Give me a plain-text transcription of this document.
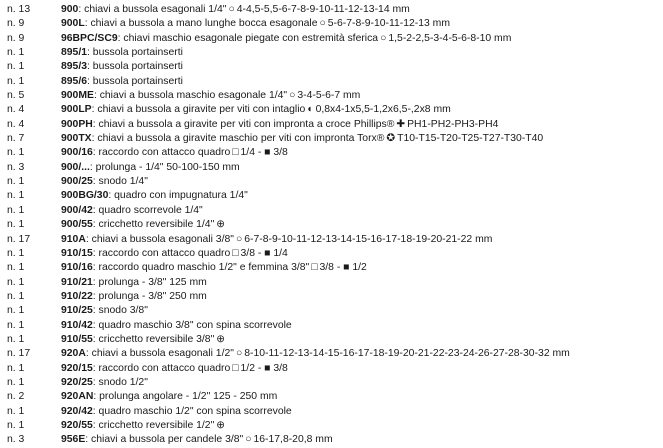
n. 13	900: chiavi a bussola esagonali 1/4" ○ 4-4,5-5,5-6-7-8-9-10-11-12-13-14 mm
n. 9	900L: chiavi a bussola a mano lunghe bocca esagonale ○ 5-6-7-8-9-10-11-12-13 mm
n. 9	96BPC/SC9: chiavi maschio esagonale piegate con estremità sferica ○ 1,5-2-2,5-3-4-5-6-8-10 mm
n. 1	895/1: bussola portainserti
n. 1	895/3: bussola portainserti
n. 1	895/6: bussola portainserti
n. 5	900ME: chiavi a bussola maschio esagonale 1/4" ○ 3-4-5-6-7 mm
n. 4	900LP: chiavi a bussola a giravite per viti con intaglio ◐ 0,8x4-1x5,5-1,2x6,5-,2x8 mm
n. 4	900PH: chiavi a bussola a giravite per viti con impronta a croce Phillips® ✚ PH1-PH2-PH3-PH4
n. 7	900TX: chiavi a bussola a giravite maschio per viti con impronta Torx® ✪ T10-T15-T20-T25-T27-T30-T40
n. 1	900/16: raccordo con attacco quadro □ 1/4 - ■ 3/8
n. 3	900/...: prolunga - 1/4" 50-100-150 mm
n. 1	900/25: snodo 1/4"
n. 1	900BG/30: quadro con impugnatura 1/4"
n. 1	900/42: quadro scorrevole 1/4"
n. 1	900/55: cricchetto reversibile 1/4" ⊕
n. 17	910A: chiavi a bussola esagonali 3/8" ○ 6-7-8-9-10-11-12-13-14-15-16-17-18-19-20-21-22 mm
n. 1	910/15: raccordo con attacco quadro □ 3/8 - ■ 1/4
n. 1	910/16: raccordo quadro maschio 1/2" e femmina 3/8" □ 3/8 - ■ 1/2
n. 1	910/21: prolunga - 3/8" 125 mm
n. 1	910/22: prolunga - 3/8" 250 mm
n. 1	910/25: snodo 3/8"
n. 1	910/42: quadro maschio 3/8" con spina scorrevole
n. 1	910/55: cricchetto reversibile 3/8" ⊕
n. 17	920A: chiavi a bussola esagonali 1/2" ○ 8-10-11-12-13-14-15-16-17-18-19-20-21-22-23-24-26-27-28-30-32 mm
n. 1	920/15: raccordo con attacco quadro □ 1/2 - ■ 3/8
n. 1	920/25: snodo 1/2"
n. 2	920AN: prolunga angolare - 1/2" 125 - 250 mm
n. 1	920/42: quadro maschio 1/2" con spina scorrevole
n. 1	920/55: cricchetto reversibile 1/2" ⊕
n. 3	956E: chiavi a bussola per candele 3/8" ○ 16-17,8-20,8 mm
